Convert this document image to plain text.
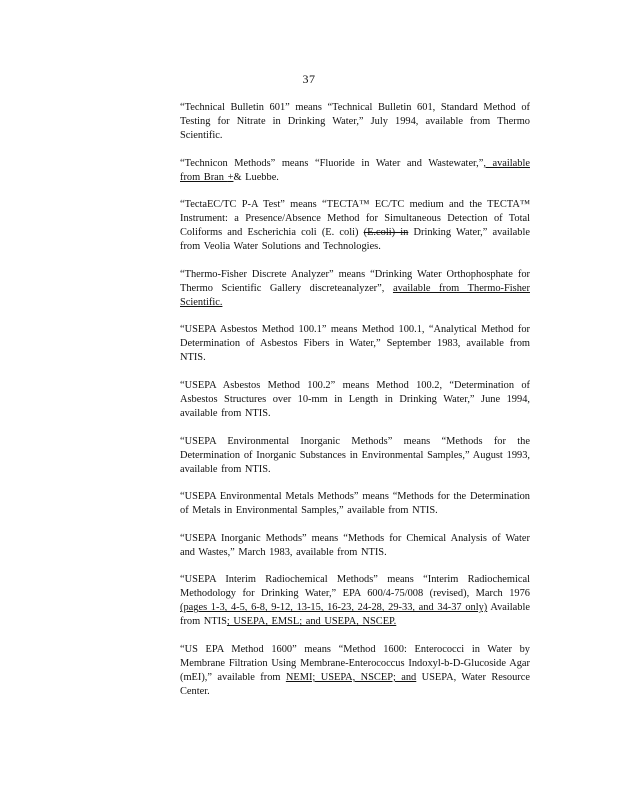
37

“Technical Bulletin 601” means “Technical Bulletin 601, Standard Method of Testing for Nitrate in Drinking Water,” July 1994, available from Thermo Scientific.

“Technicon Methods” means “Fluoride in Water and Wastewater,”, available from Bran +& Luebbe.

“TectaEC/TC P-A Test” means “TECTA™ EC/TC medium and the TECTA™ Instrument: a Presence/Absence Method for Simultaneous Detection of Total Coliforms and Escherichia coli (E. coli) (E.coli) in Drinking Water,” available from Veolia Water Solutions and Technologies.

“Thermo-Fisher Discrete Analyzer” means “Drinking Water Orthophosphate for Thermo Scientific Gallery discreteanalyzer”, available from Thermo-Fisher Scientific.

“USEPA Asbestos Method 100.1” means Method 100.1, “Analytical Method for Determination of Asbestos Fibers in Water,” September 1983, available from NTIS.

“USEPA Asbestos Method 100.2” means Method 100.2, “Determination of Asbestos Structures over 10-mm in Length in Drinking Water,” June 1994, available from NTIS.

“USEPA Environmental Inorganic Methods” means “Methods for the Determination of Inorganic Substances in Environmental Samples,” August 1993, available from NTIS.

“USEPA Environmental Metals Methods” means “Methods for the Determination of Metals in Environmental Samples,” available from NTIS.

“USEPA Inorganic Methods” means “Methods for Chemical Analysis of Water and Wastes,” March 1983, available from NTIS.

“USEPA Interim Radiochemical Methods” means “Interim Radiochemical Methodology for Drinking Water,” EPA 600/4-75/008 (revised), March 1976 (pages 1-3, 4-5, 6-8, 9-12, 13-15, 16-23, 24-28, 29-33, and 34-37 only) Available from NTIS; USEPA, EMSL; and USEPA, NSCEP.

“US EPA Method 1600” means “Method 1600: Enterococci in Water by Membrane Filtration Using Membrane-Enterococcus Indoxyl-b-D-Glucoside Agar (mEI),” available from NEMI; USEPA, NSCEP; and USEPA, Water Resource Center.
